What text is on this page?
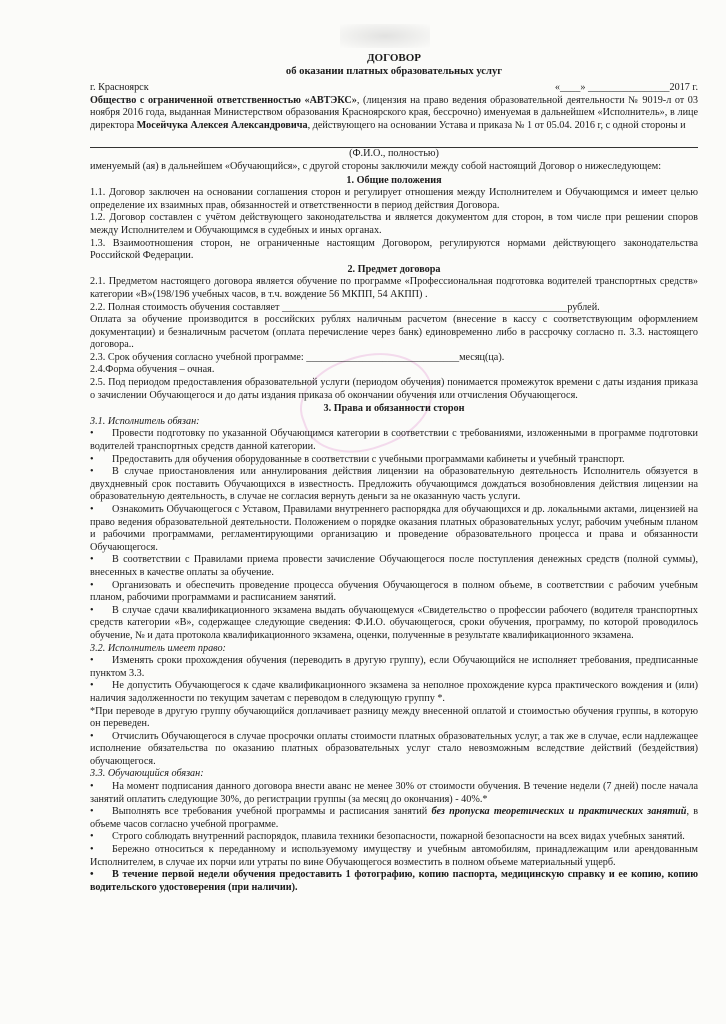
ДОГОВОР
об оказании платных образовательных услуг
г. Красноярск	«____» ________________2017 г.
Общество с ограниченной ответственностью «АВТЭКС», (лицензия на право ведения образовательной деятельности № 9019-л от 03 ноября 2016 года, выданная Министерством образования Красноярского края, бессрочно) именуемая в дальнейшем «Исполнитель», в лице директора Мосейчука Алексея Александровича, действующего на основании Устава и приказа № 1 от 05.04. 2016 г, с одной стороны и
(Ф.И.О., полностью)
именуемый (ая) в дальнейшем «Обучающийся», с другой стороны заключили между собой настоящий Договор о нижеследующем:
1. Общие положения
1.1. Договор заключен на основании соглашения сторон и регулирует отношения между Исполнителем и Обучающимся и имеет целью определение их взаимных прав, обязанностей и ответственности в период действия Договора.
1.2. Договор составлен с учётом действующего законодательства и является документом для сторон, в том числе при решении споров между Исполнителем и Обучающимся в судебных и иных органах.
1.3. Взаимоотношения сторон, не ограниченные настоящим Договором, регулируются нормами действующего законодательства Российской Федерации.
2. Предмет договора
2.1. Предметом настоящего договора является обучение по программе «Профессиональная подготовка водителей транспортных средств» категории «В»(198/196 учебных часов, в т.ч. вождение 56 МКПП, 54 АКПП) .
2.2. Полная стоимость обучения составляет ________________________________________________________рублей.
Оплата за обучение производится в российских рублях наличным расчетом (внесение в кассу с соответствующим оформлением документации) и безналичным расчетом (оплата перечисление через банк) единовременно либо в рассрочку согласно п. 3.3. настоящего договора..
2.3. Срок обучения согласно учебной программе: ______________________________месяц(ца).
2.4.Форма обучения – очная.
2.5. Под периодом предоставления образовательной услуги (периодом обучения) понимается промежуток времени с даты издания приказа о зачислении Обучающегося и до даты издания приказа об окончании обучения или отчисления Обучающегося.
3. Права и обязанности сторон
3.1. Исполнитель обязан:
• Провести подготовку по указанной Обучающимся категории в соответствии с требованиями, изложенными в программе подготовки водителей транспортных средств данной категории.
• Предоставить для обучения оборудованные в соответствии с учебными программами кабинеты и учебный транспорт.
• В случае приостановления или аннулирования действия лицензии на образовательную деятельность Исполнитель обязуется в двухдневный срок поставить Обучающихся в известность. Предложить обучающимся дождаться возобновления действия лицензии на образовательную деятельность, в случае не согласия вернуть деньги за не оказанную часть услуги.
• Ознакомить Обучающегося с Уставом, Правилами внутреннего распорядка для обучающихся и др. локальными актами, лицензией на право ведения образовательной деятельности. Положением о порядке оказания платных образовательных услуг, рабочим учебным планом и рабочими программами, регламентирующими организацию и проведение образовательного процесса и права и обязанности Обучающегося.
• В соответствии с Правилами приема провести зачисление Обучающегося после поступления денежных средств (полной суммы), внесенных в качестве оплаты за обучение.
• Организовать и обеспечить проведение процесса обучения Обучающегося в полном объеме, в соответствии с рабочим учебным планом, рабочими программами и расписанием занятий.
• В случае сдачи квалификационного экзамена выдать обучающемуся «Свидетельство о профессии рабочего (водителя транспортных средств категории «В», содержащее следующие сведения: Ф.И.О. обучающегося, сроки обучения, программу, по которой проводилось обучение, № и дата протокола квалификационного экзамена, оценки, полученные в результате квалификационного экзамена.
3.2. Исполнитель имеет право:
• Изменять сроки прохождения обучения (переводить в другую группу), если Обучающийся не исполняет требования, предписанные пунктом 3.3.
• Не допустить Обучающегося к сдаче квалификационного экзамена за неполное прохождение курса практического вождения и (или) наличия задолженности по текущим зачетам с переводом в следующую группу *.
*При переводе в другую группу обучающийся доплачивает разницу между внесенной оплатой и стоимостью обучения группы, в которую он переведен.
• Отчислить Обучающегося в случае просрочки оплаты стоимости платных образовательных услуг, а так же в случае, если надлежащее исполнение обязательства по оказанию платных образовательных услуг стало невозможным вследствие действий (бездействия) обучающегося.
3.3. Обучающийся обязан:
• На момент подписания данного договора внести аванс не менее 30% от стоимости обучения. В течение недели (7 дней) после начала занятий оплатить следующие 30%, до регистрации группы (за месяц до окончания) - 40%.*
• Выполнять все требования учебной программы и расписания занятий без пропуска теоретических и практических занятий, в объеме часов согласно учебной программе.
• Строго соблюдать внутренний распорядок, плавила техники безопасности, пожарной безопасности на всех видах учебных занятий.
• Бережно относиться к переданному и используемому имуществу и учебным автомобилям, принадлежащим или арендованным Исполнителем, в случае их порчи или утраты по вине Обучающегося возместить в полном объеме материальный ущерб.
• В течение первой недели обучения предоставить 1 фотографию, копию паспорта, медицинскую справку и ее копию, копию водительского удостоверения (при наличии).
